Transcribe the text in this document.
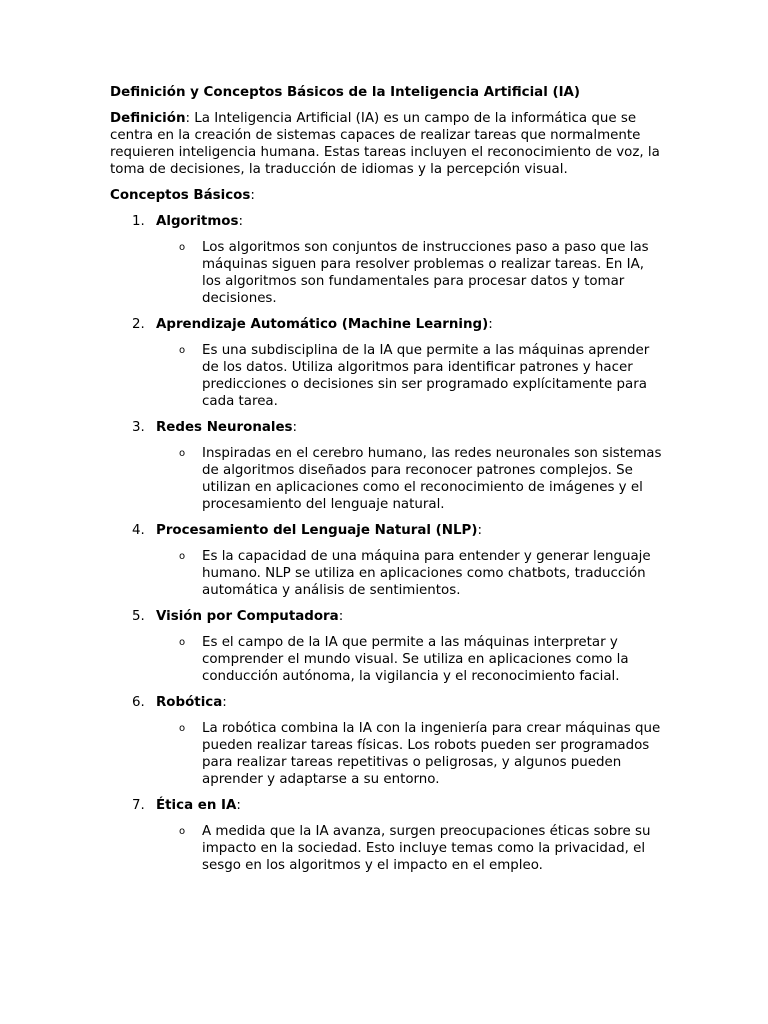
Definición y Conceptos Básicos de la Inteligencia Artificial (IA)

Definición: La Inteligencia Artificial (IA) es un campo de la informática que se centra en la creación de sistemas capaces de realizar tareas que normalmente requieren inteligencia humana. Estas tareas incluyen el reconocimiento de voz, la toma de decisiones, la traducción de idiomas y la percepción visual.

Conceptos Básicos:

1. Algoritmos:
o Los algoritmos son conjuntos de instrucciones paso a paso que las máquinas siguen para resolver problemas o realizar tareas. En IA, los algoritmos son fundamentales para procesar datos y tomar decisiones.
2. Aprendizaje Automático (Machine Learning):
o Es una subdisciplina de la IA que permite a las máquinas aprender de los datos. Utiliza algoritmos para identificar patrones y hacer predicciones o decisiones sin ser programado explícitamente para cada tarea.
3. Redes Neuronales:
o Inspiradas en el cerebro humano, las redes neuronales son sistemas de algoritmos diseñados para reconocer patrones complejos. Se utilizan en aplicaciones como el reconocimiento de imágenes y el procesamiento del lenguaje natural.
4. Procesamiento del Lenguaje Natural (NLP):
o Es la capacidad de una máquina para entender y generar lenguaje humano. NLP se utiliza en aplicaciones como chatbots, traducción automática y análisis de sentimientos.
5. Visión por Computadora:
o Es el campo de la IA que permite a las máquinas interpretar y comprender el mundo visual. Se utiliza en aplicaciones como la conducción autónoma, la vigilancia y el reconocimiento facial.
6. Robótica:
o La robótica combina la IA con la ingeniería para crear máquinas que pueden realizar tareas físicas. Los robots pueden ser programados para realizar tareas repetitivas o peligrosas, y algunos pueden aprender y adaptarse a su entorno.
7. Ética en IA:
o A medida que la IA avanza, surgen preocupaciones éticas sobre su impacto en la sociedad. Esto incluye temas como la privacidad, el sesgo en los algoritmos y el impacto en el empleo.
